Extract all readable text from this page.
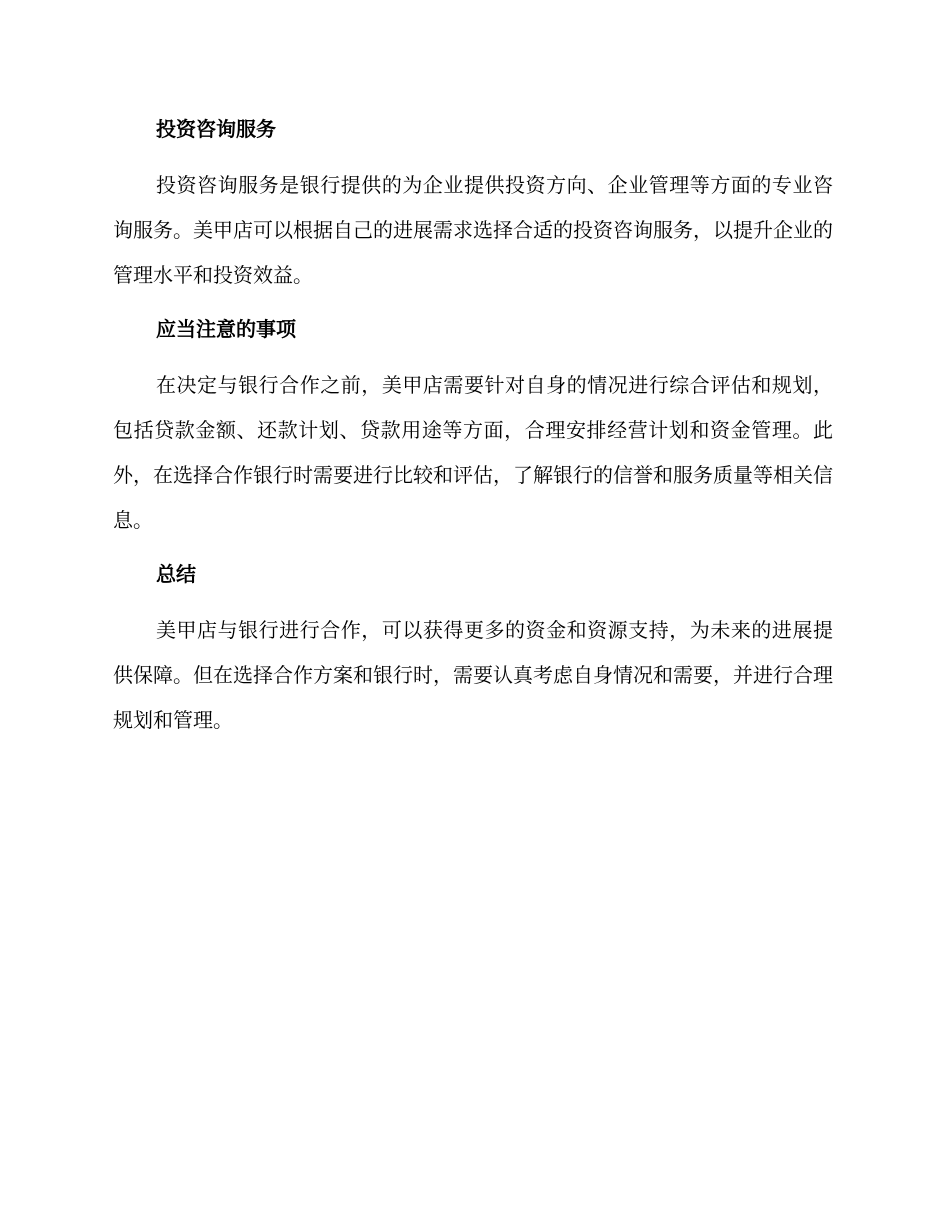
投资咨询服务

投资咨询服务是银行提供的为企业提供投资方向、企业管理等方面的专业咨询服务。美甲店可以根据自己的进展需求选择合适的投资咨询服务，以提升企业的管理水平和投资效益。

应当注意的事项

在决定与银行合作之前，美甲店需要针对自身的情况进行综合评估和规划，包括贷款金额、还款计划、贷款用途等方面，合理安排经营计划和资金管理。此外，在选择合作银行时需要进行比较和评估，了解银行的信誉和服务质量等相关信息。

总结

美甲店与银行进行合作，可以获得更多的资金和资源支持，为未来的进展提供保障。但在选择合作方案和银行时，需要认真考虑自身情况和需要，并进行合理规划和管理。
